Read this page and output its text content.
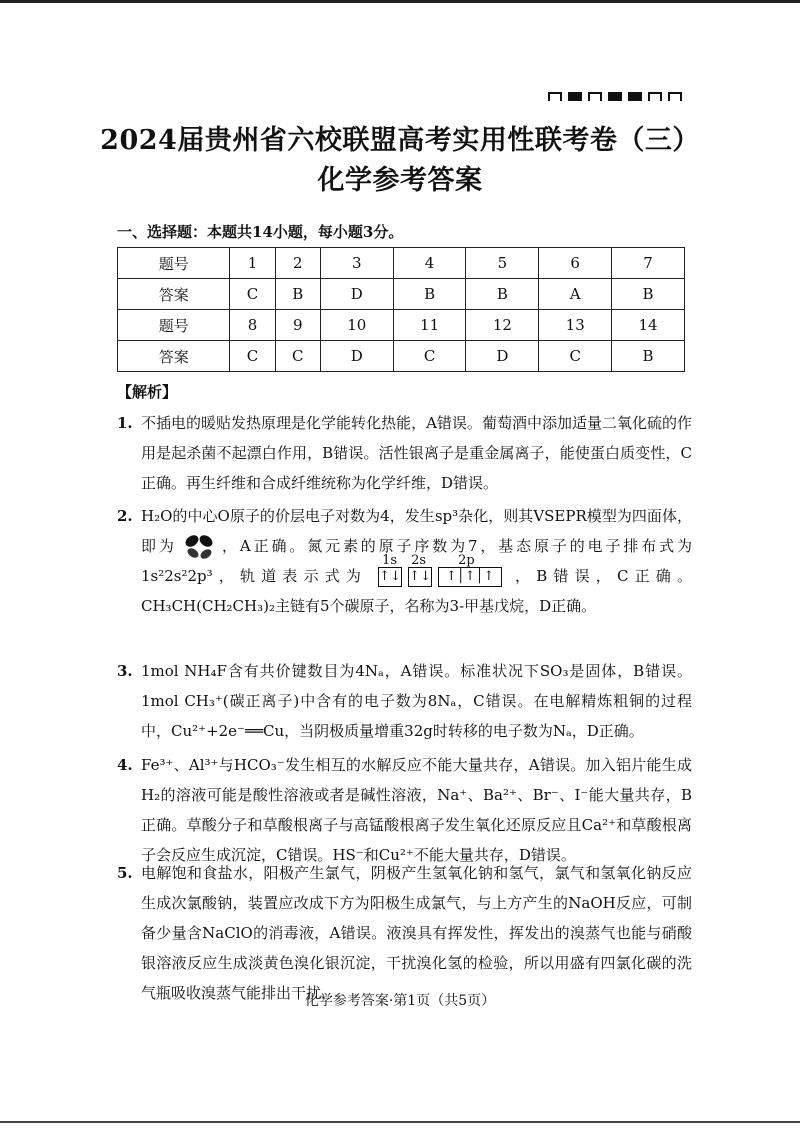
2024届贵州省六校联盟高考实用性联考卷（三）
化学参考答案
一、选择题：本题共14小题，每小题3分。
题号	1	2	3	4	5	6	7
答案	C	B	D	B	B	A	B
题号	8	9	10	11	12	13	14
答案	C	C	D	C	D	C	B
【解析】
1. 不插电的暖贴发热原理是化学能转化热能，A错误。葡萄酒中添加适量二氧化硫的作用是起杀菌不起漂白作用，B错误。活性银离子是重金属离子，能使蛋白质变性，C正确。再生纤维和合成纤维统称为化学纤维，D错误。
2. H₂O的中心O原子的价层电子对数为4，发生sp³杂化，则其VSEPR模型为四面体，即为	，A正确。氮元素的原子序数为7，基态原子的电子排布式为1s²2s²2p³，轨道表示式为
1s 2s 2p
↑↓ ↑↓	↑│↑│↑	，B错误，C正确。CH₃CH(CH₂CH₃)₂主链有5个碳原子，名称为3-甲基戊烷，D正确。
3. 1mol NH₄F含有共价键数目为4Nₐ，A错误。标准状况下SO₃是固体，B错误。1mol CH₃⁺(碳正离子)中含有的电子数为8Nₐ，C错误。在电解精炼粗铜的过程中，Cu²⁺+2e⁻══Cu，当阴极质量增重32g时转移的电子数为Nₐ，D正确。
4. Fe³⁺、Al³⁺与HCO₃⁻发生相互的水解反应不能大量共存，A错误。加入铝片能生成H₂的溶液可能是酸性溶液或者是碱性溶液，Na⁺、Ba²⁺、Br⁻、I⁻能大量共存，B正确。草酸分子和草酸根离子与高锰酸根离子发生氧化还原反应且Ca²⁺和草酸根离子会反应生成沉淀，C错误。HS⁻和Cu²⁺不能大量共存，D错误。
5. 电解饱和食盐水，阳极产生氯气，阴极产生氢氧化钠和氢气，氯气和氢氧化钠反应生成次氯酸钠，装置应改成下方为阳极生成氯气，与上方产生的NaOH反应，可制备少量含NaClO的消毒液，A错误。液溴具有挥发性，挥发出的溴蒸气也能与硝酸银溶液反应生成淡黄色溴化银沉淀，干扰溴化氢的检验，所以用盛有四氯化碳的洗气瓶吸收溴蒸气能排出干扰，
化学参考答案·第1页（共5页）
